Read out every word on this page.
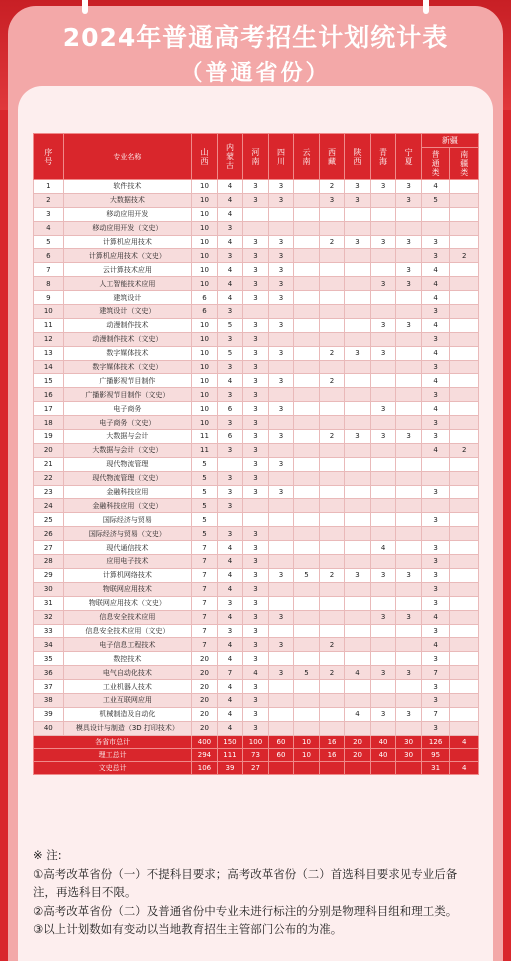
2024年普通高考招生计划统计表
（普通省份）
序号	专业名称	山西	内蒙古	河南	四川	云南	西藏	陕西	青海	宁夏	新疆	
											普通类	南疆类
1	软件技术	10	4	3	3		2	3	3	3	4	
2	大数据技术	10	4	3	3		3	3		3	5	
3	移动应用开发	10	4									
4	移动应用开发（文史）	10	3									
5	计算机应用技术	10	4	3	3		2	3	3	3	3	
6	计算机应用技术（文史）	10	3	3	3						3	2
7	云计算技术应用	10	4	3	3					3	4	
8	人工智能技术应用	10	4	3	3				3	3	4	
9	建筑设计	6	4	3	3						4	
10	建筑设计（文史）	6	3								3	
11	动漫制作技术	10	5	3	3				3	3	4	
12	动漫制作技术（文史）	10	3	3							3	
13	数字媒体技术	10	5	3	3		2	3	3		4	
14	数字媒体技术（文史）	10	3	3							3	
15	广播影视节目制作	10	4	3	3		2				4	
16	广播影视节目制作（文史）	10	3	3							3	
17	电子商务	10	6	3	3				3		4	
18	电子商务（文史）	10	3	3							3	
19	大数据与会计	11	6	3	3		2	3	3	3	3	
20	大数据与会计（文史）	11	3	3							4	2
21	现代物流管理	5		3	3							
22	现代物流管理（文史）	5	3	3								
23	金融科技应用	5	3	3	3						3	
24	金融科技应用（文史）	5	3									
25	国际经济与贸易	5									3	
26	国际经济与贸易（文史）	5	3	3								
27	现代通信技术	7	4	3					4		3	
28	应用电子技术	7	4	3							3	
29	计算机网络技术	7	4	3	3	5	2	3	3	3	3	
30	物联网应用技术	7	4	3							3	
31	物联网应用技术（文史）	7	3	3							3	
32	信息安全技术应用	7	4	3	3				3	3	4	
33	信息安全技术应用（文史）	7	3	3							3	
34	电子信息工程技术	7	4	3	3		2				4	
35	数控技术	20	4	3							3	
36	电气自动化技术	20	7	4	3	5	2	4	3	3	7	
37	工业机器人技术	20	4	3							3	
38	工业互联网应用	20	4	3							3	
39	机械制造及自动化	20	4	3				4	3	3	7	
40	模具设计与制造（3D 打印技术）	20	4	3							3	
各省市总计		400	150	100	60	10	16	20	40	30	126	4
理工总计		294	111	73	60	10	16	20	40	30	95	
文史总计		106	39	27							31	4

※ 注:

①高考改革省份（一）不提科目要求；高考改革省份（二）首选科目要求见专业后备注，再选科目不限。

②高考改革省份（二）及普通省份中专业未进行标注的分别是物理科目组和理工类。

③以上计划数如有变动以当地教育招生主管部门公布的为准。
